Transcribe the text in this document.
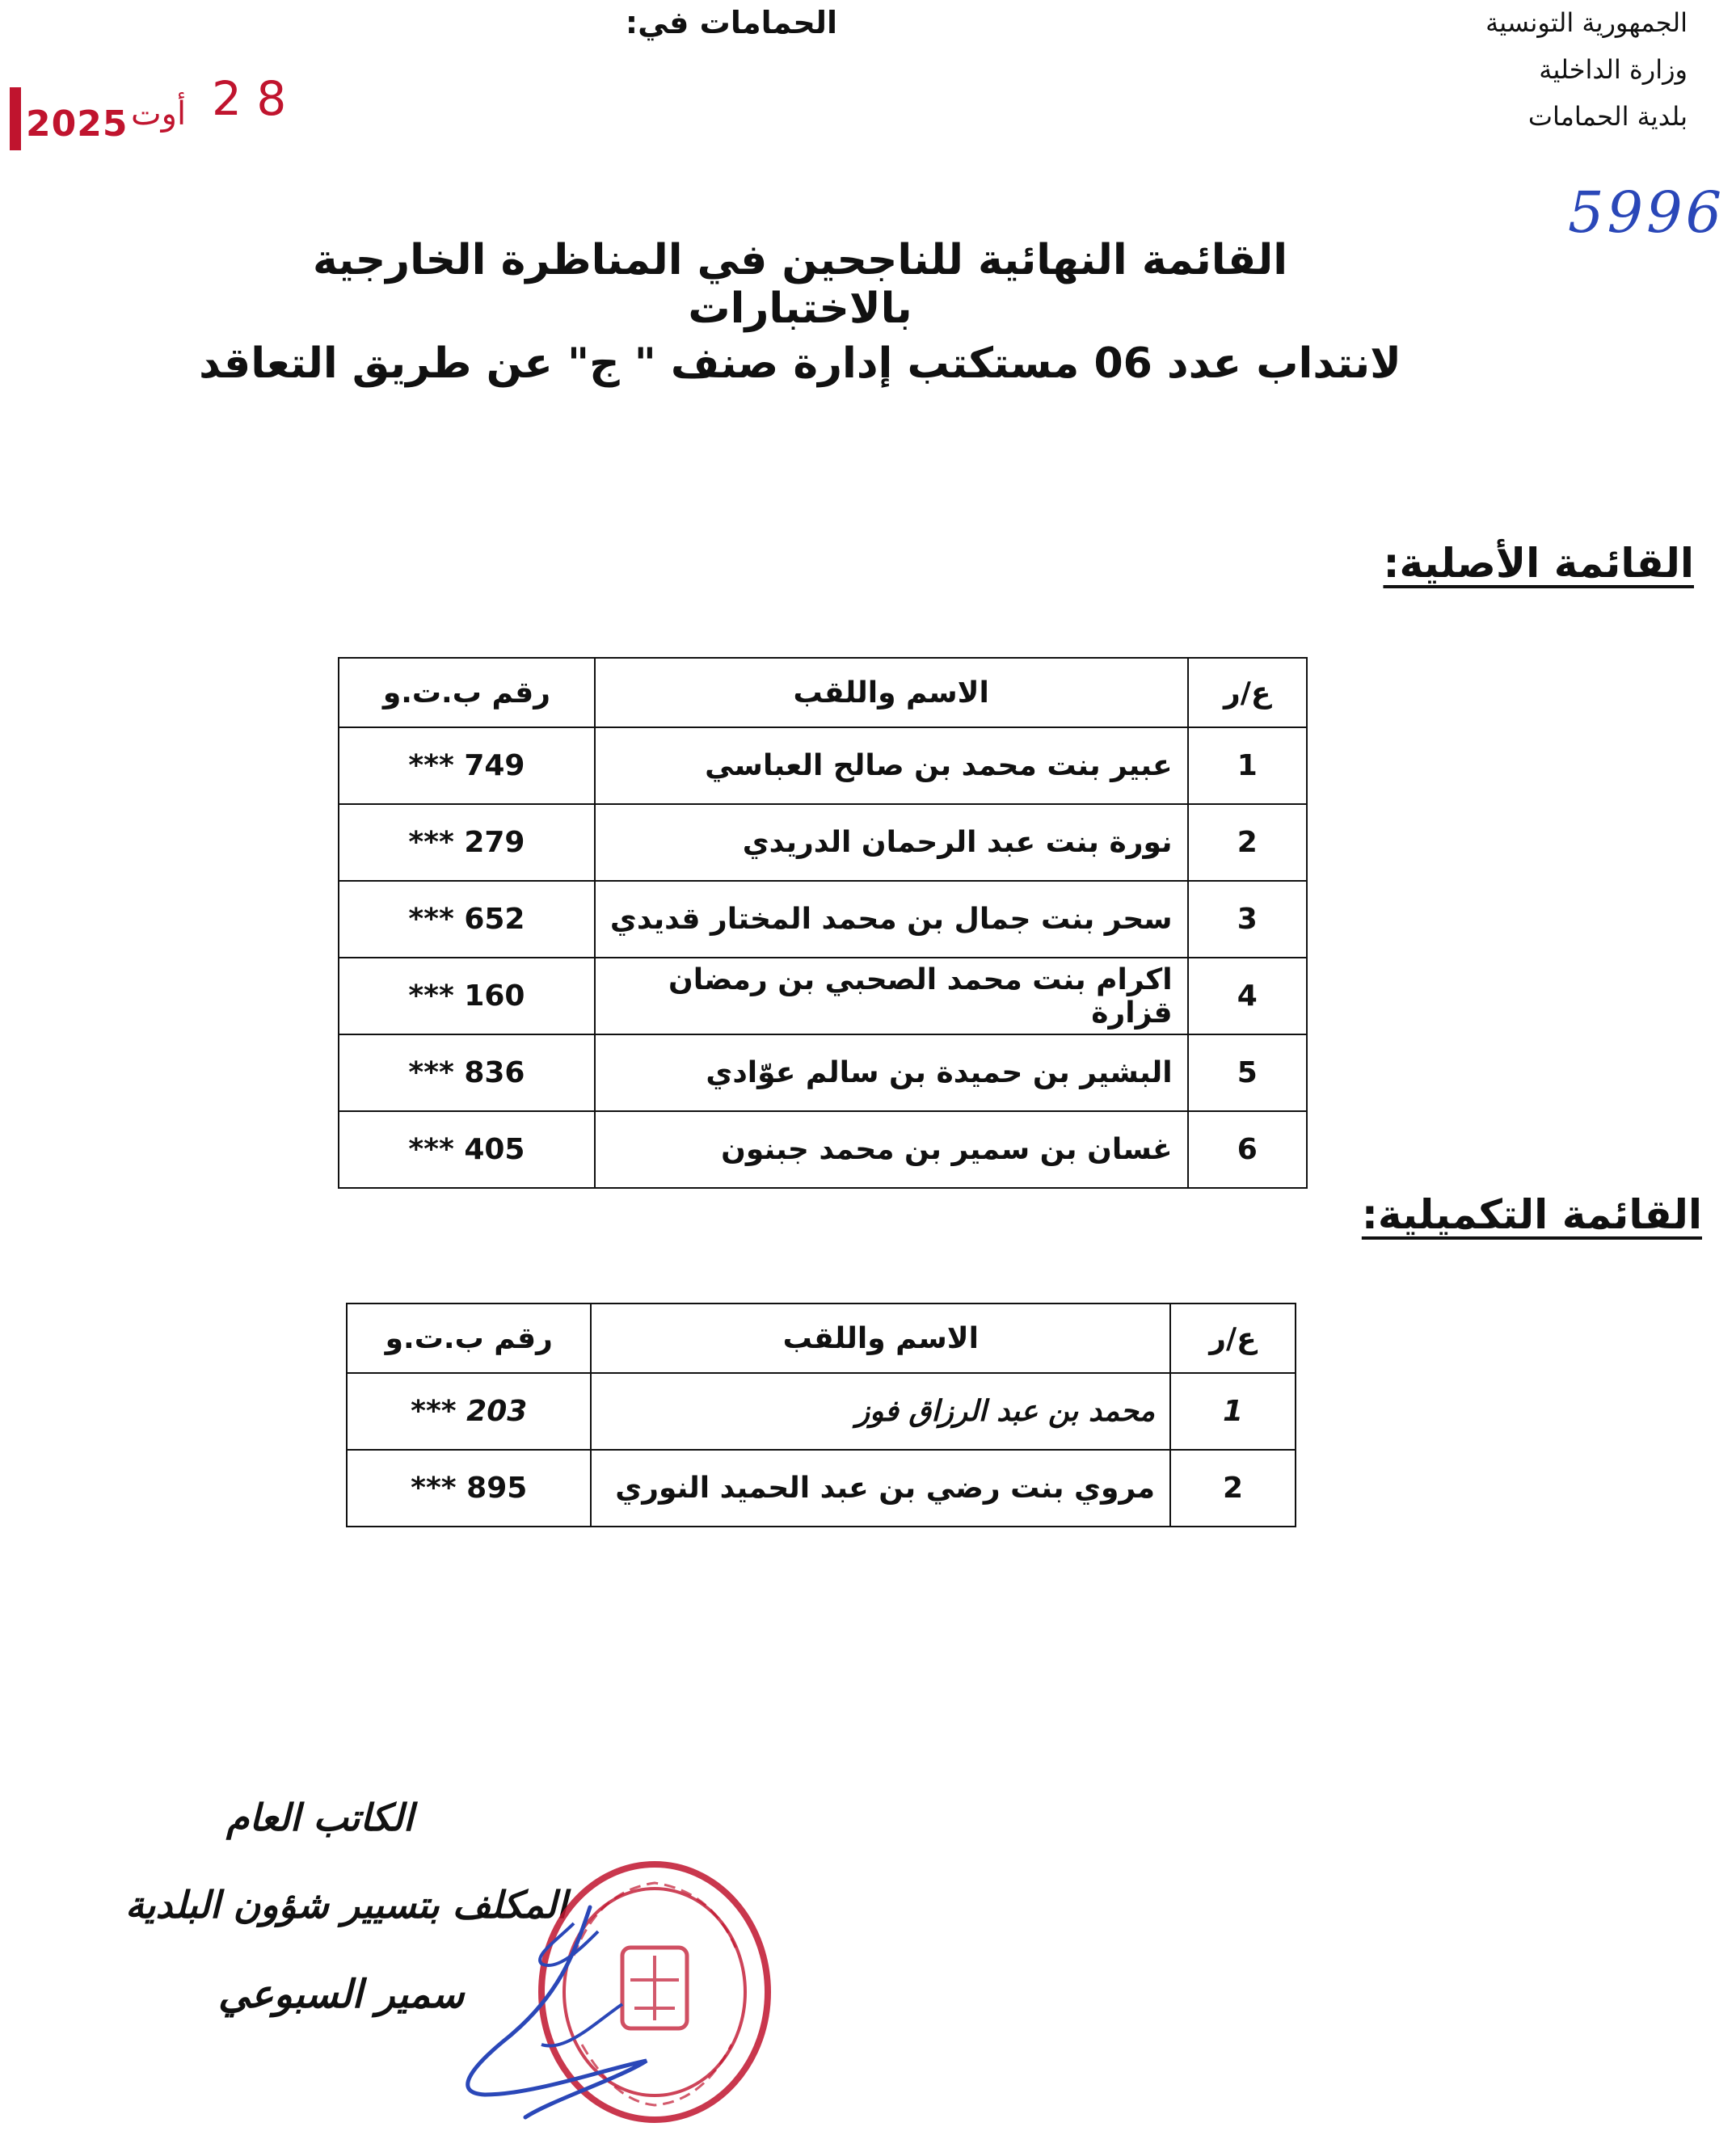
الجمهورية التونسية
وزارة الداخلية
بلدية الحمامات
الحمامات في:
2025 أوت 2 8
5996
القائمة النهائية للناجحين في المناظرة الخارجية بالاختبارات
لانتداب عدد 06 مستكتب إدارة صنف " ج" عن طريق التعاقد
القائمة الأصلية:
ع/ر	الاسم واللقب	رقم ب.ت.و
1	عبير بنت محمد بن صالح العباسي	*** 749
2	نورة بنت عبد الرحمان الدريدي	*** 279
3	سحر بنت جمال بن محمد المختار قديدي	*** 652
4	اكرام بنت محمد الصحبي بن رمضان قزارة	*** 160
5	البشير بن حميدة بن سالم عوّادي	*** 836
6	غسان بن سمير بن محمد جبنون	*** 405
القائمة التكميلية:
ع/ر	الاسم واللقب	رقم ب.ت.و
1	محمد بن عبد الرزاق فوز	*** 203
2	مروي بنت رضي بن عبد الحميد النوري	*** 895
الكاتب العام
المكلف بتسيير شؤون البلدية
سمير السبوعي
